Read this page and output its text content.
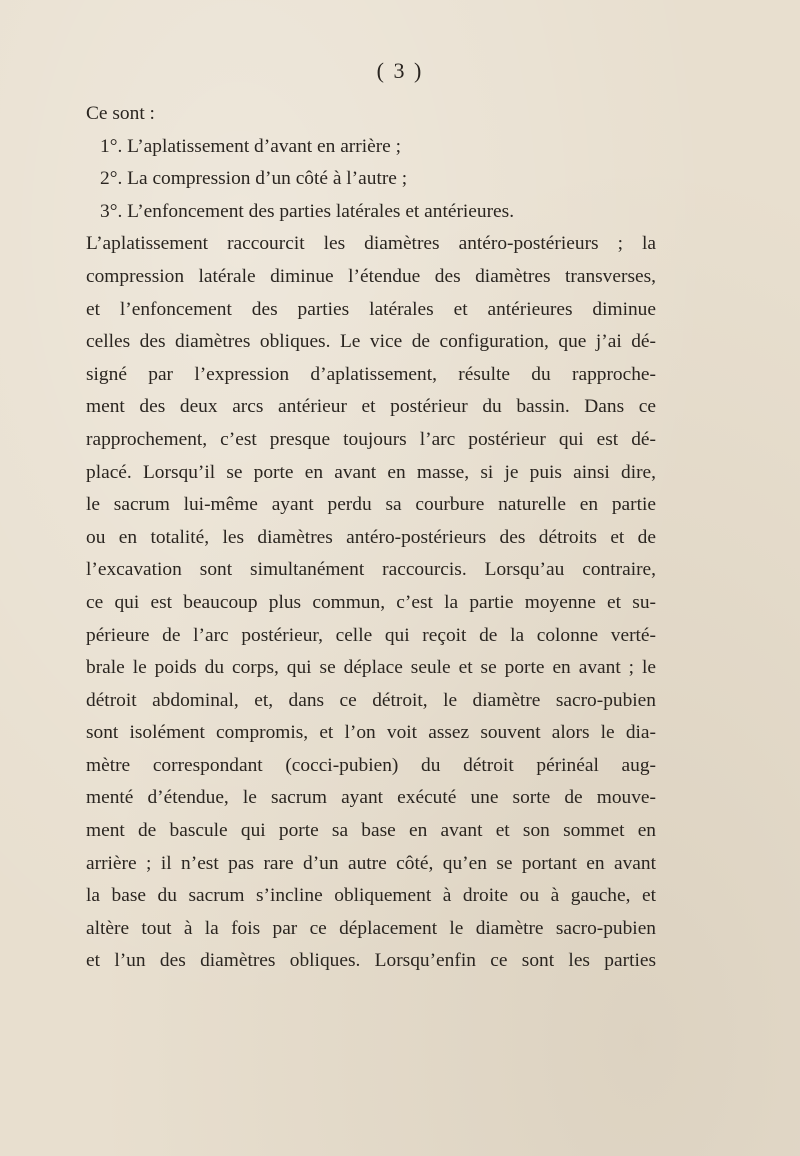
( 3 )
Ce sont :
1°. L’aplatissement d’avant en arrière ;
2°. La compression d’un côté à l’autre ;
3°. L’enfoncement des parties latérales et antérieures.
L’aplatissement raccourcit les diamètres antéro-postérieurs ; la
compression latérale diminue l’étendue des diamètres transverses,
et l’enfoncement des parties latérales et antérieures diminue
celles des diamètres obliques. Le vice de configuration, que j’ai dé-
signé par l’expression d’aplatissement, résulte du rapproche-
ment des deux arcs antérieur et postérieur du bassin. Dans ce
rapprochement, c’est presque toujours l’arc postérieur qui est dé-
placé. Lorsqu’il se porte en avant en masse, si je puis ainsi dire,
le sacrum lui-même ayant perdu sa courbure naturelle en partie
ou en totalité, les diamètres antéro-postérieurs des détroits et de
l’excavation sont simultanément raccourcis. Lorsqu’au contraire,
ce qui est beaucoup plus commun, c’est la partie moyenne et su-
périeure de l’arc postérieur, celle qui reçoit de la colonne verté-
brale le poids du corps, qui se déplace seule et se porte en avant ; le
détroit abdominal, et, dans ce détroit, le diamètre sacro-pubien
sont isolément compromis, et l’on voit assez souvent alors le dia-
mètre correspondant (cocci-pubien) du détroit périnéal aug-
menté d’étendue, le sacrum ayant exécuté une sorte de mouve-
ment de bascule qui porte sa base en avant et son sommet en
arrière ; il n’est pas rare d’un autre côté, qu’en se portant en avant
la base du sacrum s’incline obliquement à droite ou à gauche, et
altère tout à la fois par ce déplacement le diamètre sacro-pubien
et l’un des diamètres obliques. Lorsqu’enfin ce sont les parties
